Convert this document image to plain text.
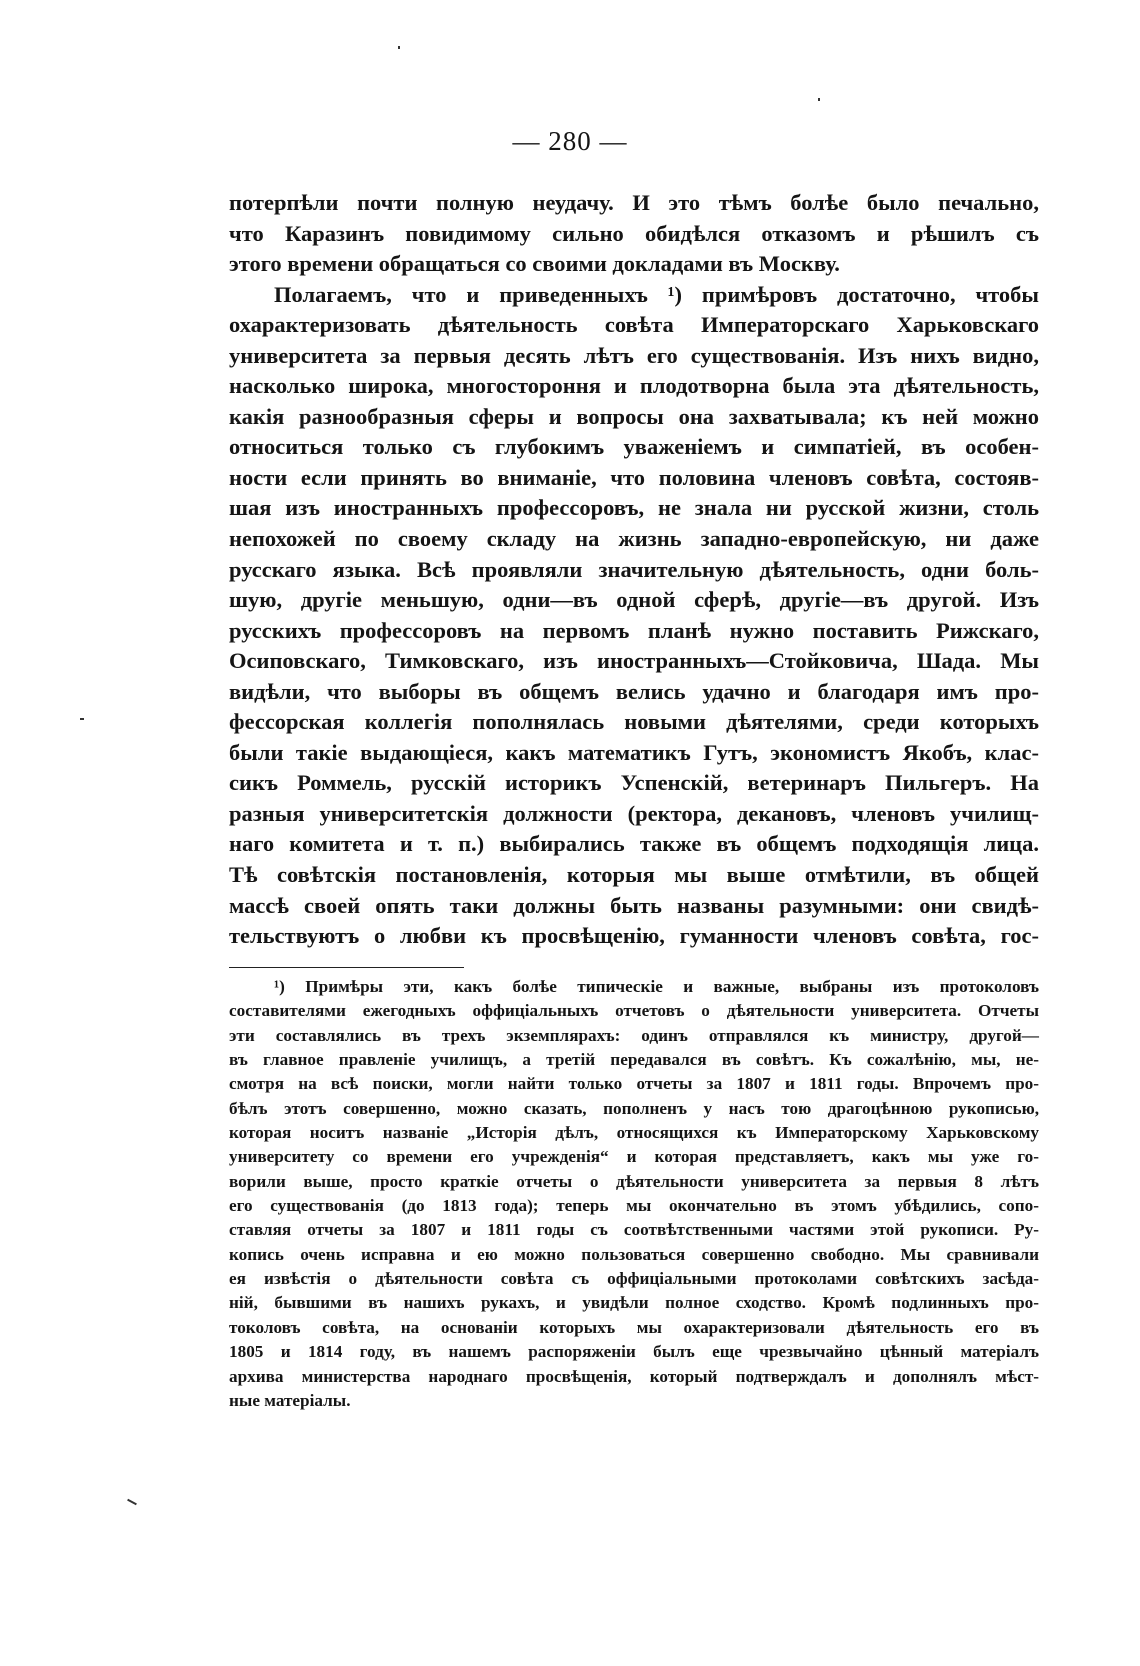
— 280 —
потерпѣли почти полную неудачу. И это тѣмъ болѣе было печально,
что Каразинъ повидимому сильно обидѣлся отказомъ и рѣшилъ съ
этого времени обращаться со своими докладами въ Москву.
Полагаемъ, что и приведенныхъ ¹) примѣровъ достаточно, чтобы
охарактеризовать дѣятельность совѣта Императорскаго Харьковскаго
университета за первыя десять лѣтъ его существованія. Изъ нихъ видно,
насколько широка, многостороння и плодотворна была эта дѣятельность,
какія разнообразныя сферы и вопросы она захватывала; къ ней можно
относиться только съ глубокимъ уваженіемъ и симпатіей, въ особен-
ности если принять во вниманіе, что половина членовъ совѣта, состояв-
шая изъ иностранныхъ профессоровъ, не знала ни русской жизни, столь
непохожей по своему складу на жизнь западно-европейскую, ни даже
русскаго языка. Всѣ проявляли значительную дѣятельность, одни боль-
шую, другіе меньшую, одни—въ одной сферѣ, другіе—въ другой. Изъ
русскихъ профессоровъ на первомъ планѣ нужно поставить Рижскаго,
Осиповскаго, Тимковскаго, изъ иностранныхъ—Стойковича, Шада. Мы
видѣли, что выборы въ общемъ велись удачно и благодаря имъ про-
фессорская коллегія пополнялась новыми дѣятелями, среди которыхъ
были такіе выдающіеся, какъ математикъ Гутъ, экономистъ Якобъ, клас-
сикъ Роммель, русскій историкъ Успенскій, ветеринаръ Пильгеръ. На
разныя университетскія должности (ректора, декановъ, членовъ училищ-
наго комитета и т. п.) выбирались также въ общемъ подходящія лица.
Тѣ совѣтскія постановленія, которыя мы выше отмѣтили, въ общей
массѣ своей опять таки должны быть названы разумными: они свидѣ-
тельствуютъ о любви къ просвѣщенію, гуманности членовъ совѣта, гос-
¹) Примѣры эти, какъ болѣе типическіе и важные, выбраны изъ протоколовъ
составителями ежегодныхъ оффиціальныхъ отчетовъ о дѣятельности университета. Отчеты
эти составлялись въ трехъ экземплярахъ: одинъ отправлялся къ министру, другой—
въ главное правленіе училищъ, а третій передавался въ совѣтъ. Къ сожалѣнію, мы, не-
смотря на всѣ поиски, могли найти только отчеты за 1807 и 1811 годы. Впрочемъ про-
бѣлъ этотъ совершенно, можно сказать, пополненъ у насъ тою драгоцѣнною рукописью,
которая носитъ названіе „Исторія дѣлъ, относящихся къ Императорскому Харьковскому
университету со времени его учрежденія“ и которая представляетъ, какъ мы уже го-
ворили выше, просто краткіе отчеты о дѣятельности университета за первыя 8 лѣтъ
его существованія (до 1813 года); теперь мы окончательно въ этомъ убѣдились, сопо-
ставляя отчеты за 1807 и 1811 годы съ соотвѣтственными частями этой рукописи. Ру-
копись очень исправна и ею можно пользоваться совершенно свободно. Мы сравнивали
ея извѣстія о дѣятельности совѣта съ оффиціальными протоколами совѣтскихъ засѣда-
ній, бывшими въ нашихъ рукахъ, и увидѣли полное сходство. Кромѣ подлинныхъ про-
токоловъ совѣта, на основаніи которыхъ мы охарактеризовали дѣятельность его въ
1805 и 1814 году, въ нашемъ распоряженіи былъ еще чрезвычайно цѣнный матеріалъ
архива министерства народнаго просвѣщенія, который подтверждалъ и дополнялъ мѣст-
ные матеріалы.
